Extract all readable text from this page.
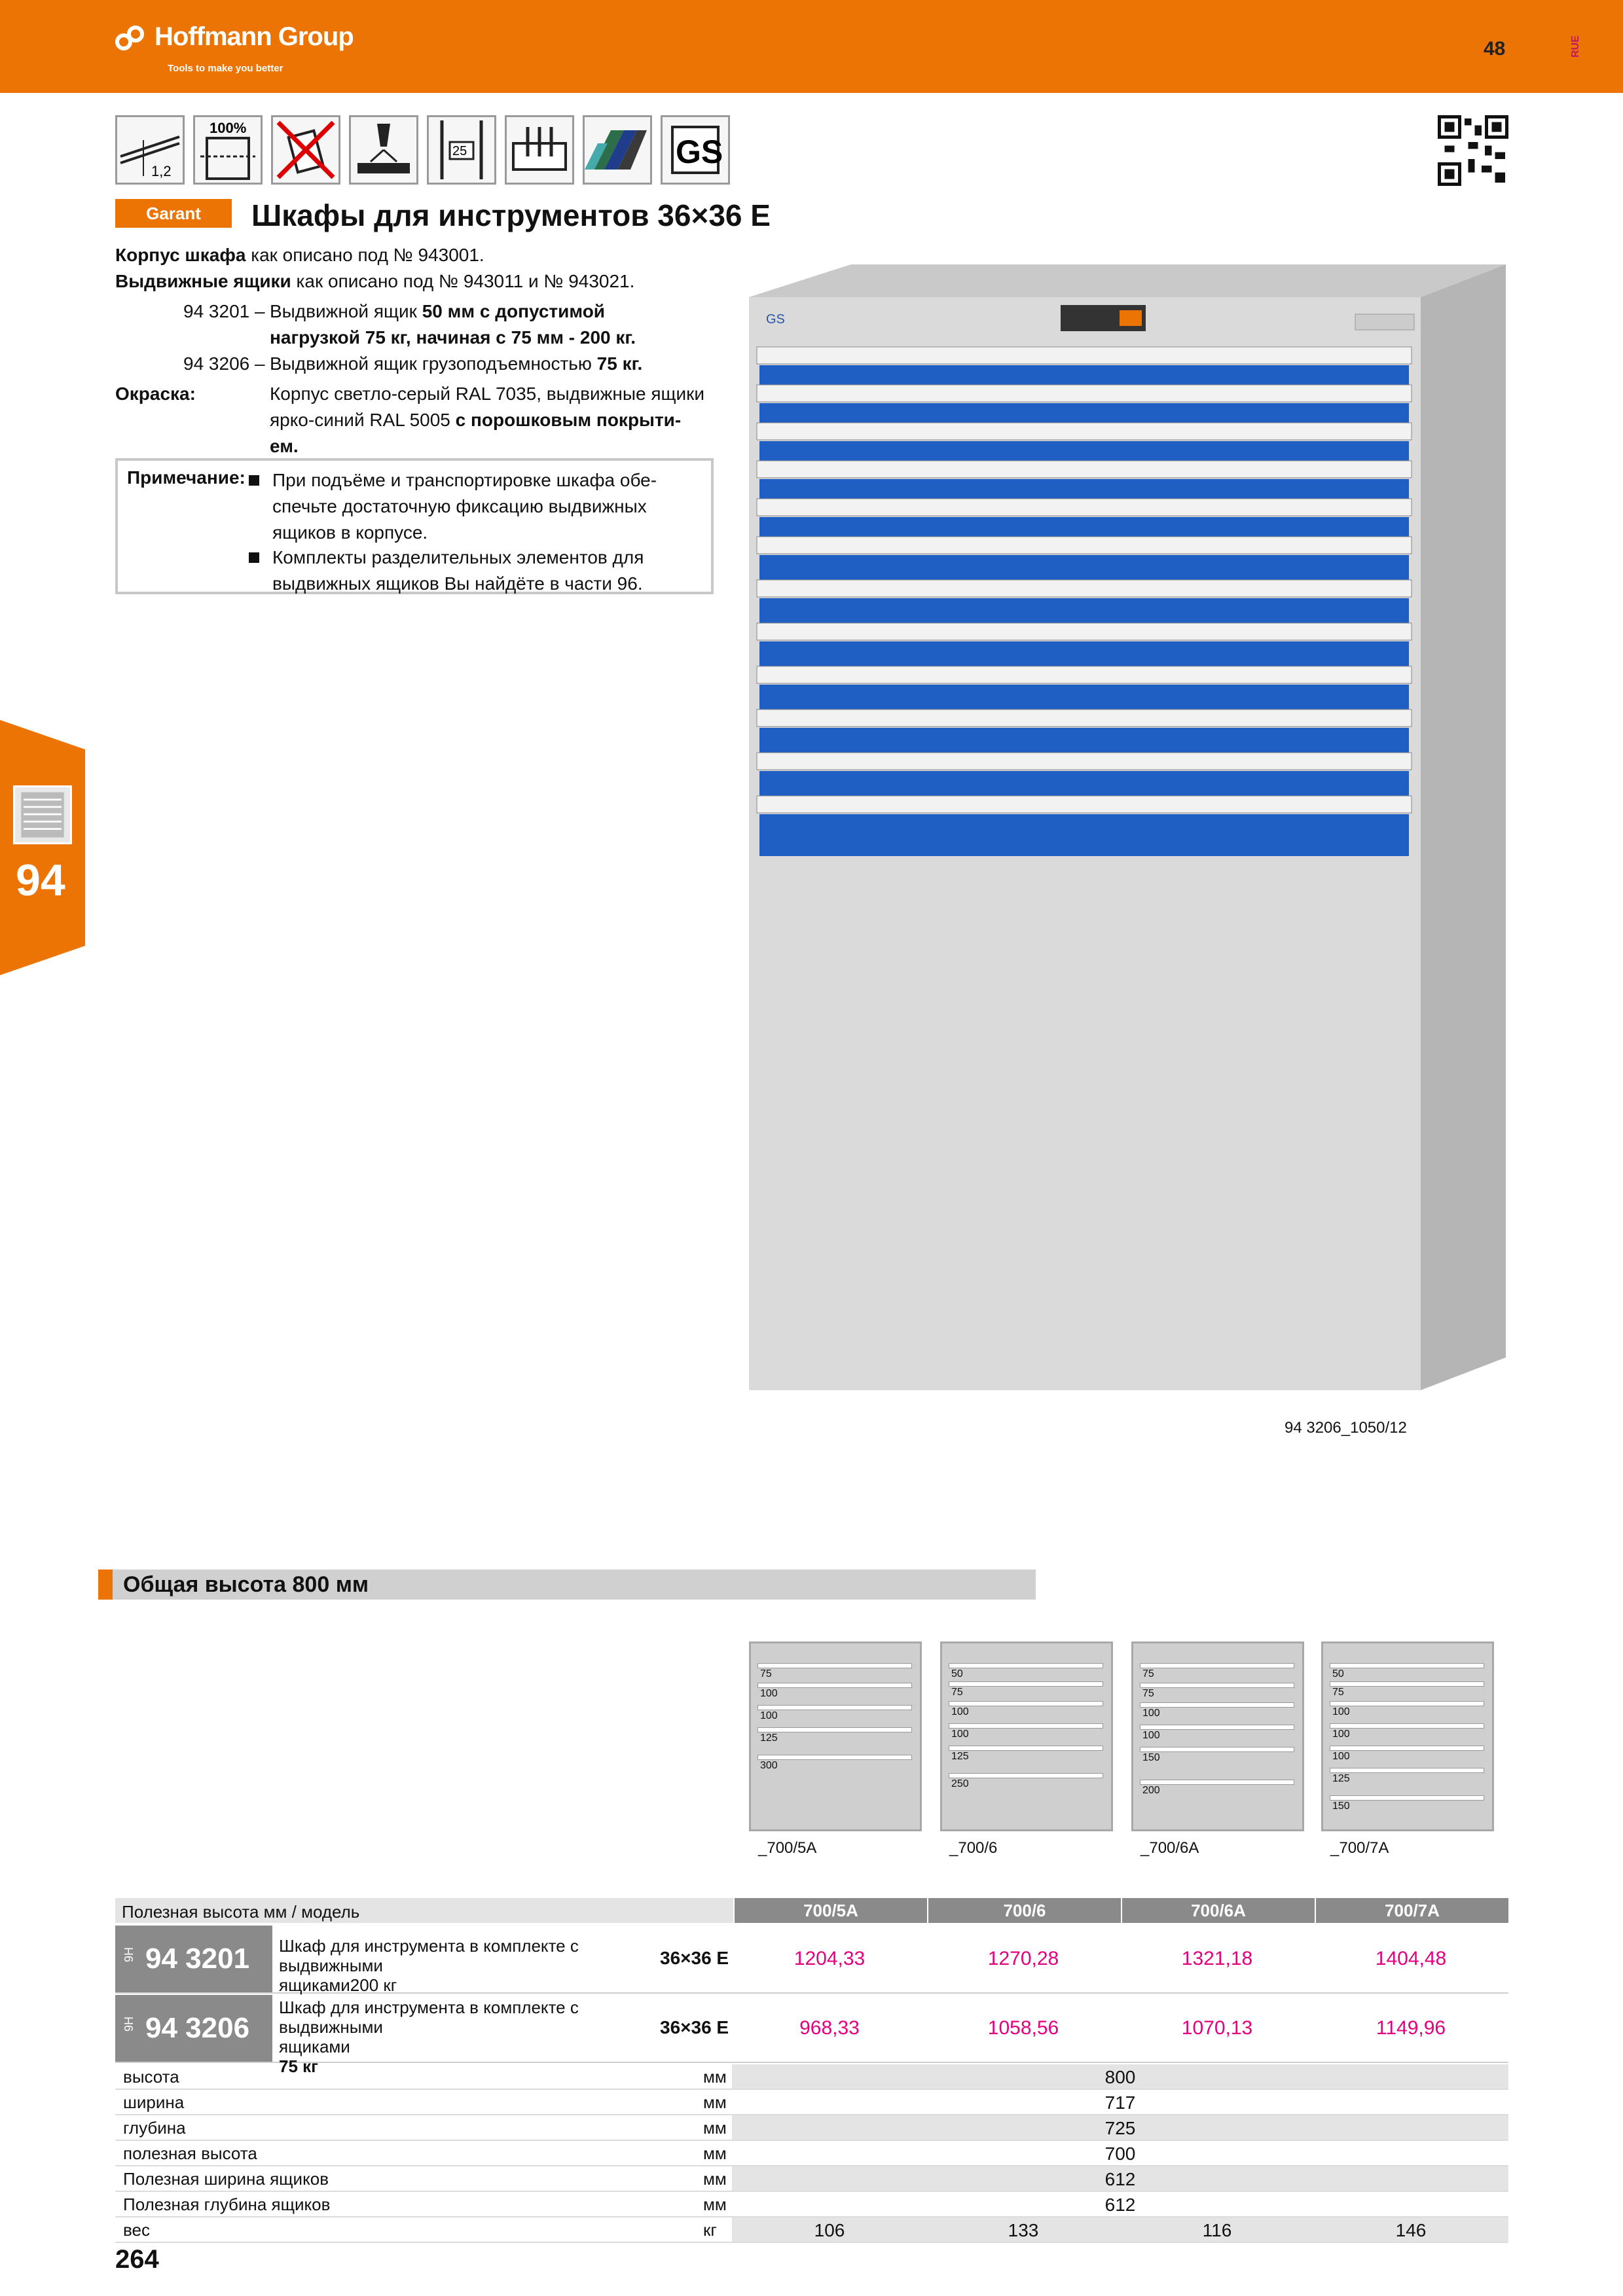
Hoffmann Group
Tools to make you better
48	RUE
1,2
100%
25	GS
Garant	Шкафы для инструментов 36×36 E
Корпус шкафа как описано под № 943001.
Выдвижные ящики как описано под № 943011 и № 943021.
94 3201 – Выдвижной ящик 50 мм с допустимой
нагрузкой 75 кг, начиная с 75 мм - 200 кг.
94 3206 – Выдвижной ящик грузоподъемностью 75 кг.
Окраска:	Корпус светло-серый RAL 7035, выдвижные ящики
ярко-синий RAL 5005 с порошковым покрыти-
ем.
Примечание: При подъёме и транспортировке шкафа обе-
спечьте достаточную фиксацию выдвижных
ящиков в корпусе.
Комплекты разделительных элементов для
выдвижных ящиков Вы найдёте в части 96.
94
GS
94 3206_1050/12
Общая высота 800 мм
75
100
100
125
300
_700/5A
50
75
100
100
125
250
_700/6
75
75
100
100
150
200
_700/6A
50
75
100
100
100
125
150
_700/7A
Полезная высота мм / модель	700/5A	700/6	700/6A	700/7A
9H 94 3201 Шкаф для инструмента в комплекте с выдвижными
ящиками200 кг
36×36 E	1204,33	1270,28	1321,18	1404,48
9H 94 3206
Шкаф для инструмента в комплекте с выдвижными
ящиками
75 кг
36×36 E	968,33	1058,56	1070,13	1149,96
высота	мм	800
ширина	мм	717
глубина	мм	725
полезная высота	мм	700
Полезная ширина ящиков	мм	612
Полезная глубина ящиков	мм	612
вес	кг	106	133	116	146
264
